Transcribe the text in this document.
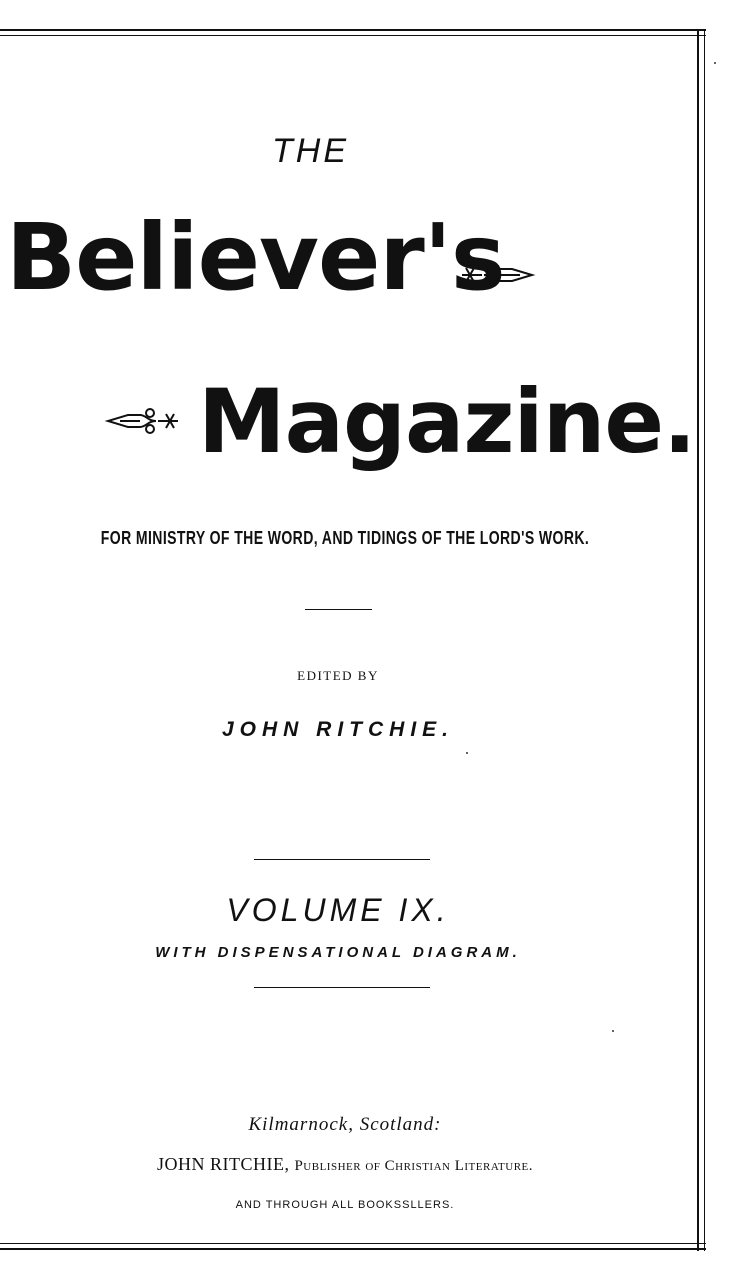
THE
Believer's
Magazine.
FOR MINISTRY OF THE WORD, AND TIDINGS OF THE LORD'S WORK.
EDITED BY
JOHN RITCHIE.
VOLUME IX.
WITH DISPENSATIONAL DIAGRAM.
Kilmarnock, Scotland:
JOHN RITCHIE, Publisher of Christian Literature.
AND THROUGH ALL BOOKSSLLERS.
